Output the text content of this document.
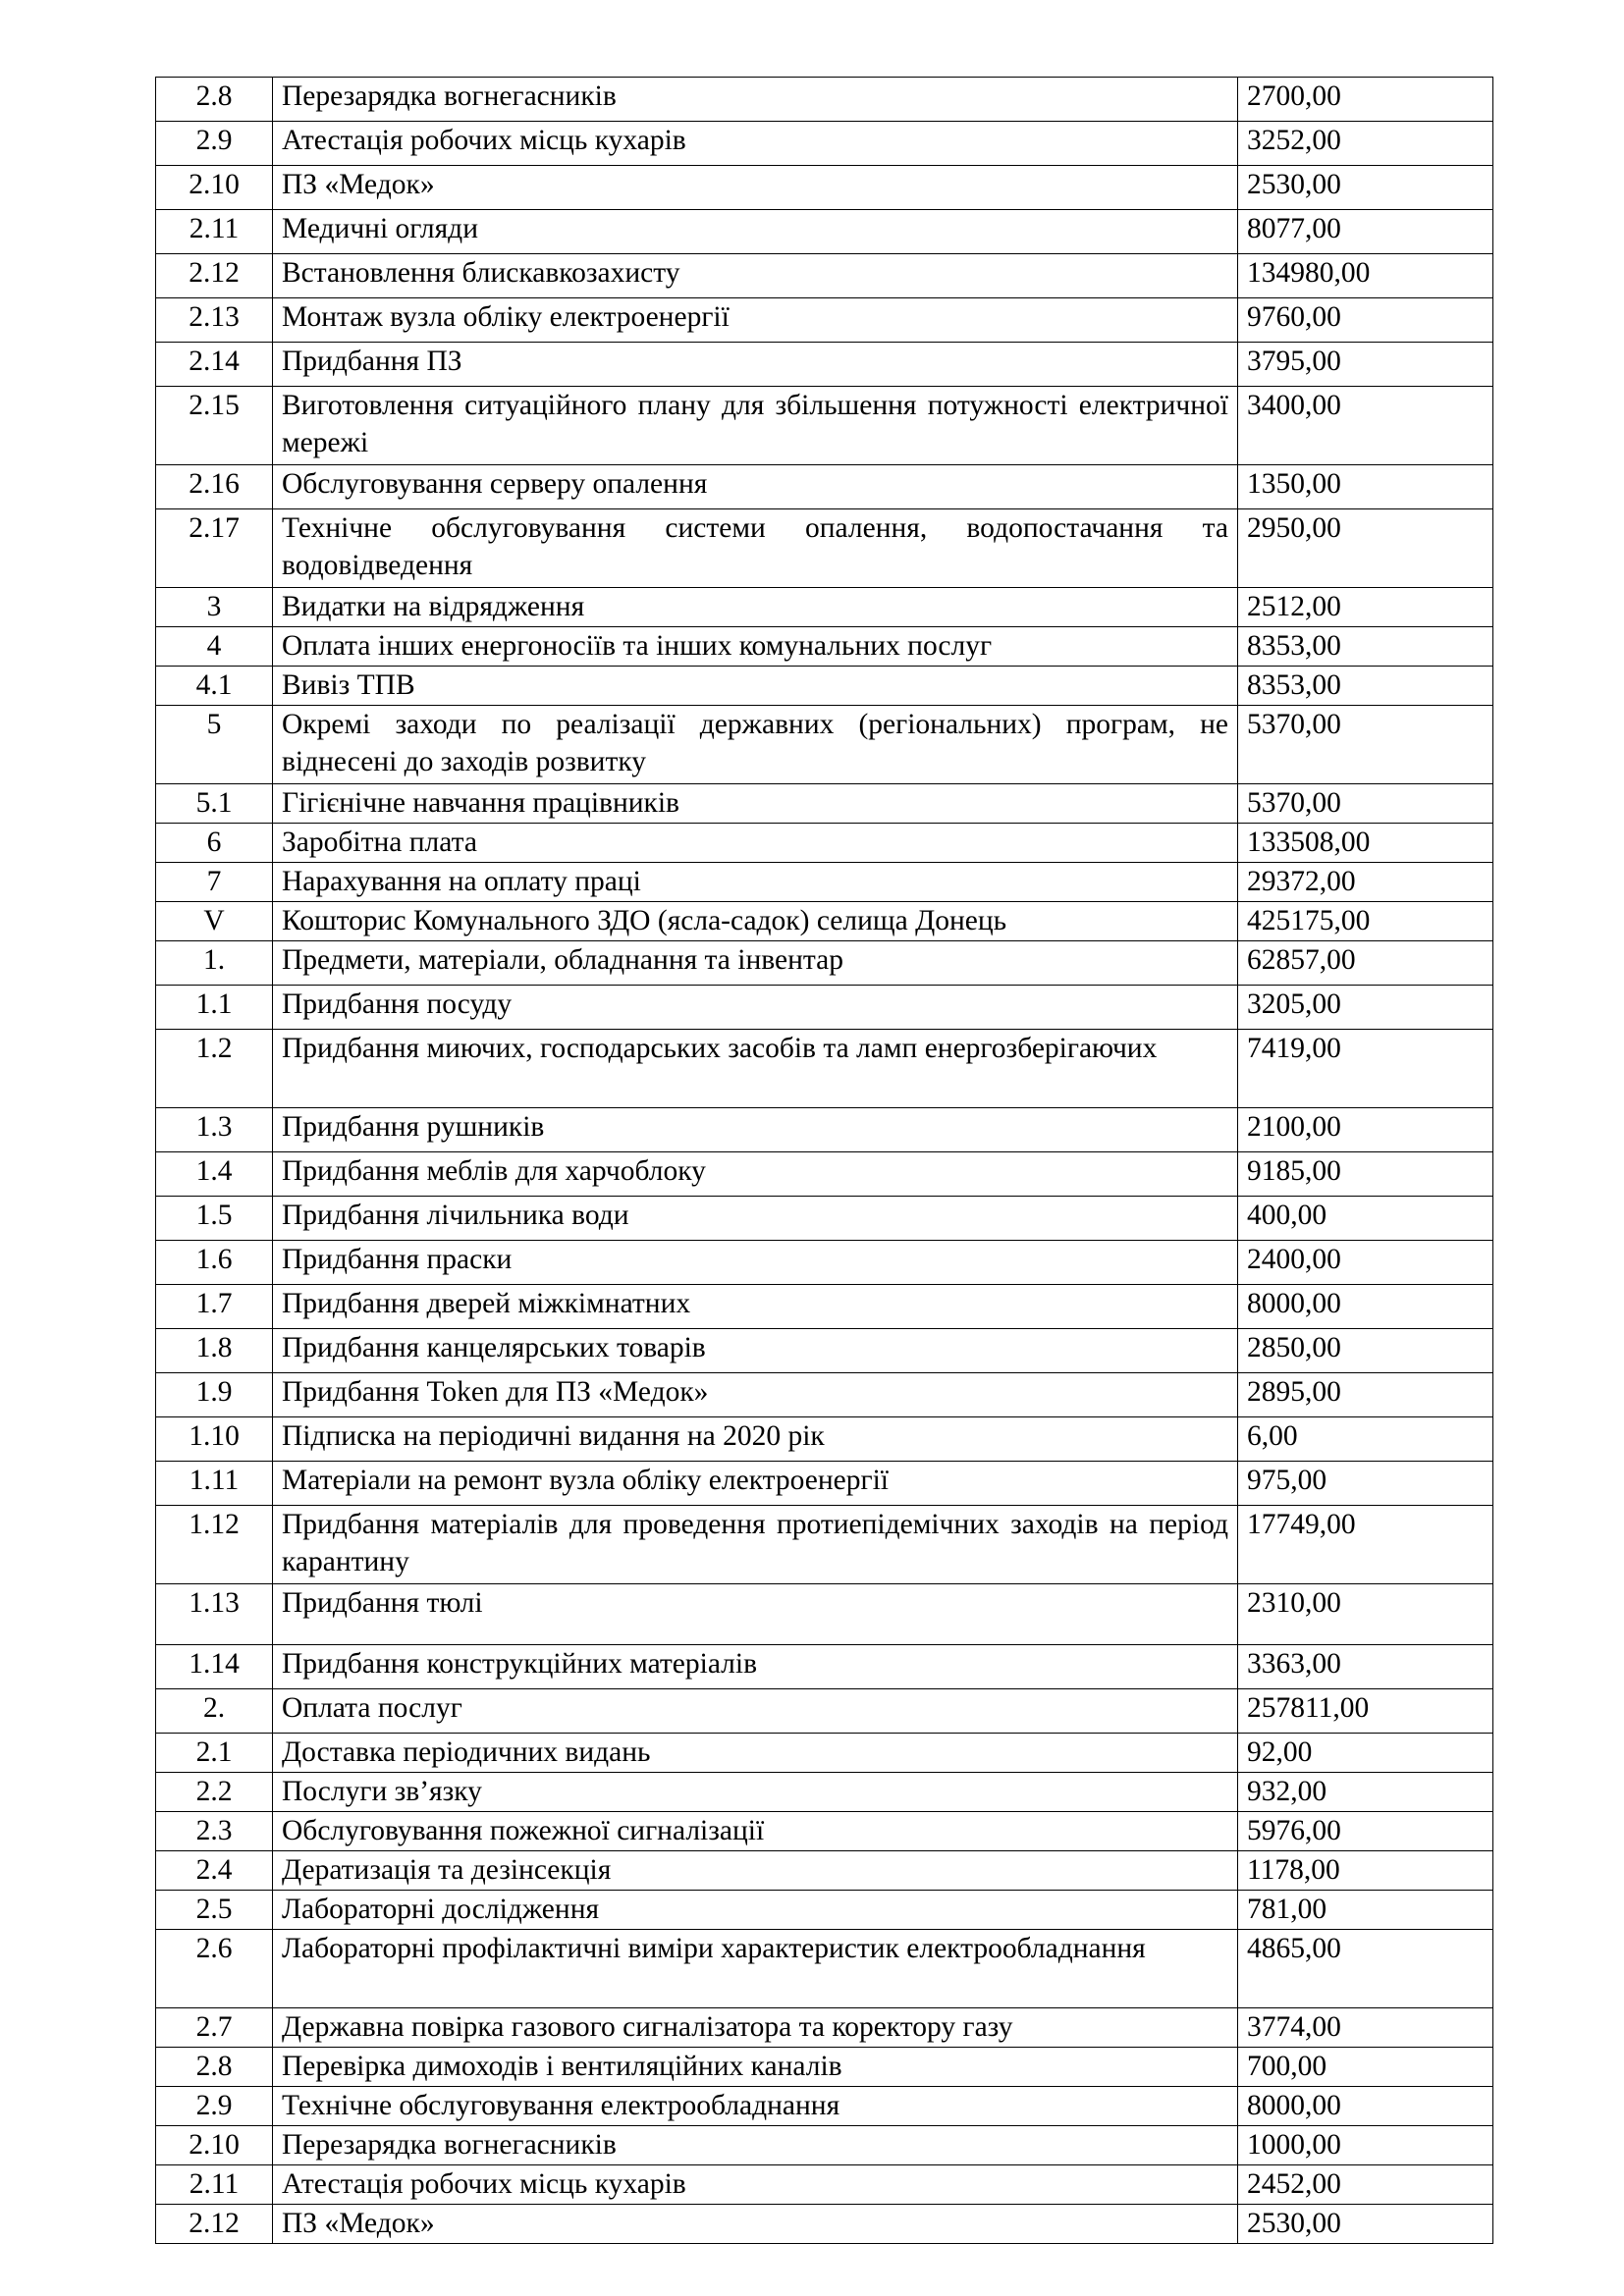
2.8	Перезарядка вогнегасників	2700,00
2.9	Атестація робочих місць кухарів	3252,00
2.10	ПЗ «Медок»	2530,00
2.11	Медичні огляди	8077,00
2.12	Встановлення блискавкозахисту	134980,00
2.13	Монтаж вузла обліку електроенергії	9760,00
2.14	Придбання ПЗ	3795,00
2.15	Виготовлення ситуаційного плану для збільшення потужності електричної мережі	3400,00
2.16	Обслуговування серверу опалення	1350,00
2.17	Технічне обслуговування системи опалення, водопостачання та водовідведення	2950,00
3	Видатки на відрядження	2512,00
4	Оплата інших енергоносіїв та інших комунальних послуг	8353,00
4.1	Вивіз ТПВ	8353,00
5	Окремі заходи по реалізації державних (регіональних) програм, не віднесені до заходів розвитку	5370,00
5.1	Гігієнічне навчання працівників	5370,00
6	Заробітна плата	133508,00
7	Нарахування на оплату праці	29372,00
V	Кошторис Комунального ЗДО (ясла-садок) селища Донець	425175,00
1.	Предмети, матеріали, обладнання та інвентар	62857,00
1.1	Придбання посуду	3205,00
1.2	Придбання миючих, господарських засобів та ламп енергозберігаючих	7419,00
1.3	Придбання рушників	2100,00
1.4	Придбання меблів для харчоблоку	9185,00
1.5	Придбання лічильника води	400,00
1.6	Придбання праски	2400,00
1.7	Придбання дверей міжкімнатних	8000,00
1.8	Придбання канцелярських товарів	2850,00
1.9	Придбання Token для ПЗ «Медок»	2895,00
1.10	Підписка на періодичні видання на 2020 рік	6,00
1.11	Матеріали на ремонт вузла обліку електроенергії	975,00
1.12	Придбання матеріалів для проведення протиепідемічних заходів на період карантину	17749,00
1.13	Придбання тюлі	2310,00
1.14	Придбання конструкційних матеріалів	3363,00
2.	Оплата послуг	257811,00
2.1	Доставка періодичних видань	92,00
2.2	Послуги зв’язку	932,00
2.3	Обслуговування пожежної сигналізації	5976,00
2.4	Дератизація та дезінсекція	1178,00
2.5	Лабораторні дослідження	781,00
2.6	Лабораторні профілактичні виміри характеристик електрообладнання	4865,00
2.7	Державна повірка газового сигналізатора та коректору газу	3774,00
2.8	Перевірка димоходів і вентиляційних каналів	700,00
2.9	Технічне обслуговування електрообладнання	8000,00
2.10	Перезарядка вогнегасників	1000,00
2.11	Атестація робочих місць кухарів	2452,00
2.12	ПЗ «Медок»	2530,00
